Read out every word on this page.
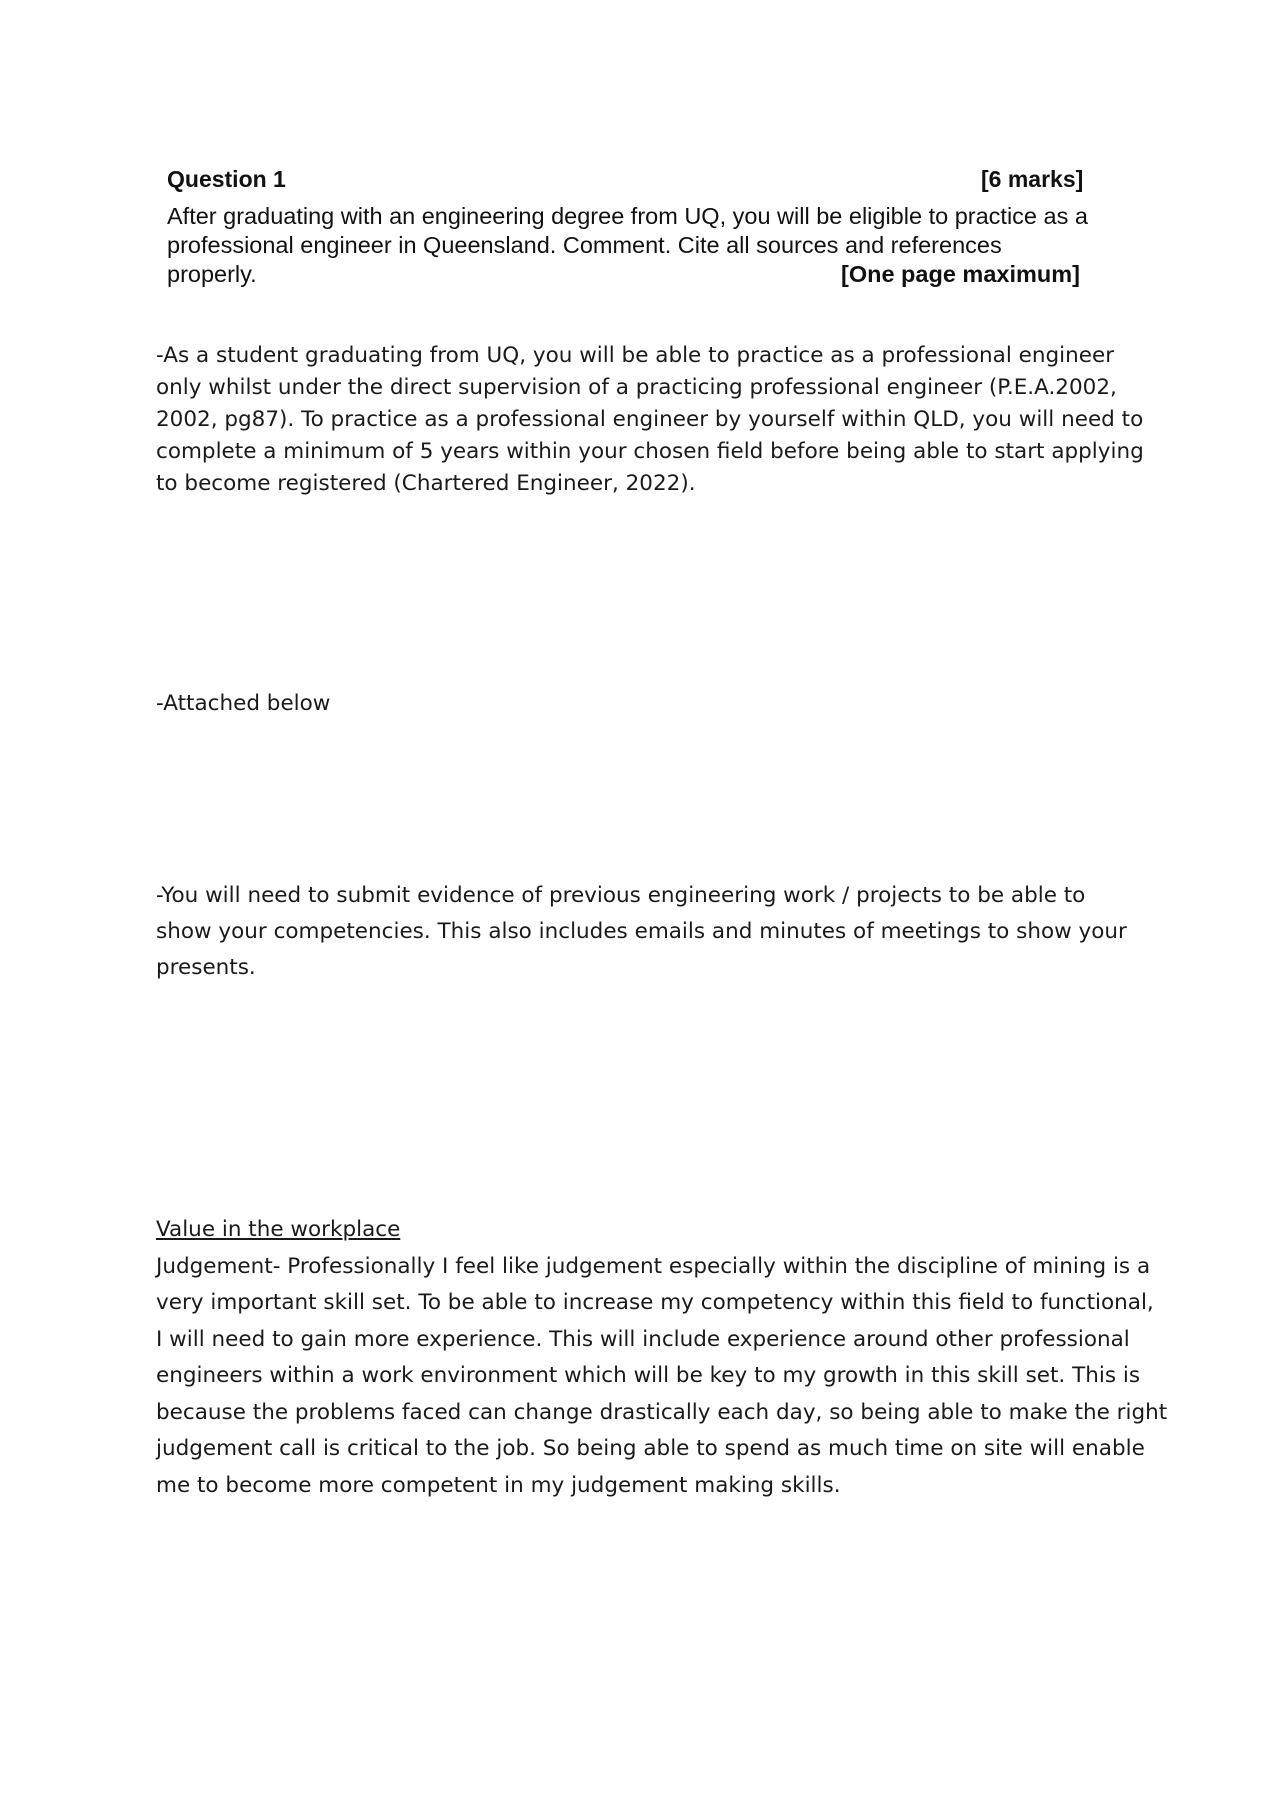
Question 1	[6 marks]
After graduating with an engineering degree from UQ, you will be eligible to practice as a
professional engineer in Queensland. Comment. Cite all sources and references
properly.	[One page maximum]
-As a student graduating from UQ, you will be able to practice as a professional engineer
only whilst under the direct supervision of a practicing professional engineer (P.E.A.2002,
2002, pg87). To practice as a professional engineer by yourself within QLD, you will need to
complete a minimum of 5 years within your chosen field before being able to start applying
to become registered (Chartered Engineer, 2022).
-Attached below
-You will need to submit evidence of previous engineering work / projects to be able to
show your competencies. This also includes emails and minutes of meetings to show your
presents.
Value in the workplace
Judgement- Professionally I feel like judgement especially within the discipline of mining is a
very important skill set. To be able to increase my competency within this field to functional,
I will need to gain more experience. This will include experience around other professional
engineers within a work environment which will be key to my growth in this skill set. This is
because the problems faced can change drastically each day, so being able to make the right
judgement call is critical to the job. So being able to spend as much time on site will enable
me to become more competent in my judgement making skills.
